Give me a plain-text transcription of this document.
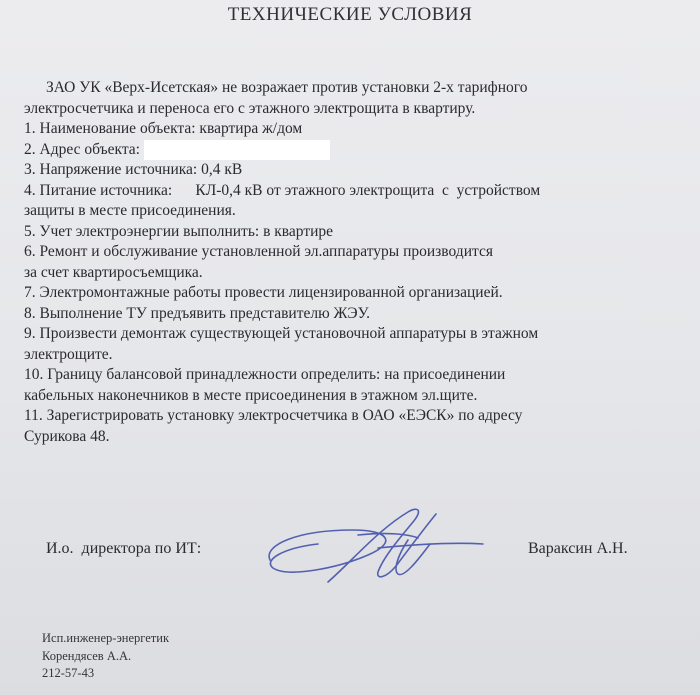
ТЕХНИЧЕСКИЕ УСЛОВИЯ
ЗАО УК «Верх-Исетская» не возражает против установки 2-х тарифного
электросчетчика и переноса его с этажного электрощита в квартиру.
1. Наименование объекта: квартира ж/дом
2. Адрес объекта:
3. Напряжение источника: 0,4 кВ
4. Питание источника:      КЛ-0,4 кВ от этажного электрощита  с  устройством
защиты в месте присоединения.
5. Учет электроэнергии выполнить: в квартире
6. Ремонт и обслуживание установленной эл.аппаратуры производится
за счет квартиросъемщика.
7. Электромонтажные работы провести лицензированной организацией.
8. Выполнение ТУ предъявить представителю ЖЭУ.
9. Произвести демонтаж существующей установочной аппаратуры в этажном
электрощите.
10. Границу балансовой принадлежности определить: на присоединении
кабельных наконечников в месте присоединения в этажном эл.щите.
11. Зарегистрировать установку электросчетчика в ОАО «ЕЭСК» по адресу
Сурикова 48.
И.о.  директора по ИТ:	Вараксин А.Н.
Исп.инженер-энергетик
Корендясев А.А.
212-57-43
